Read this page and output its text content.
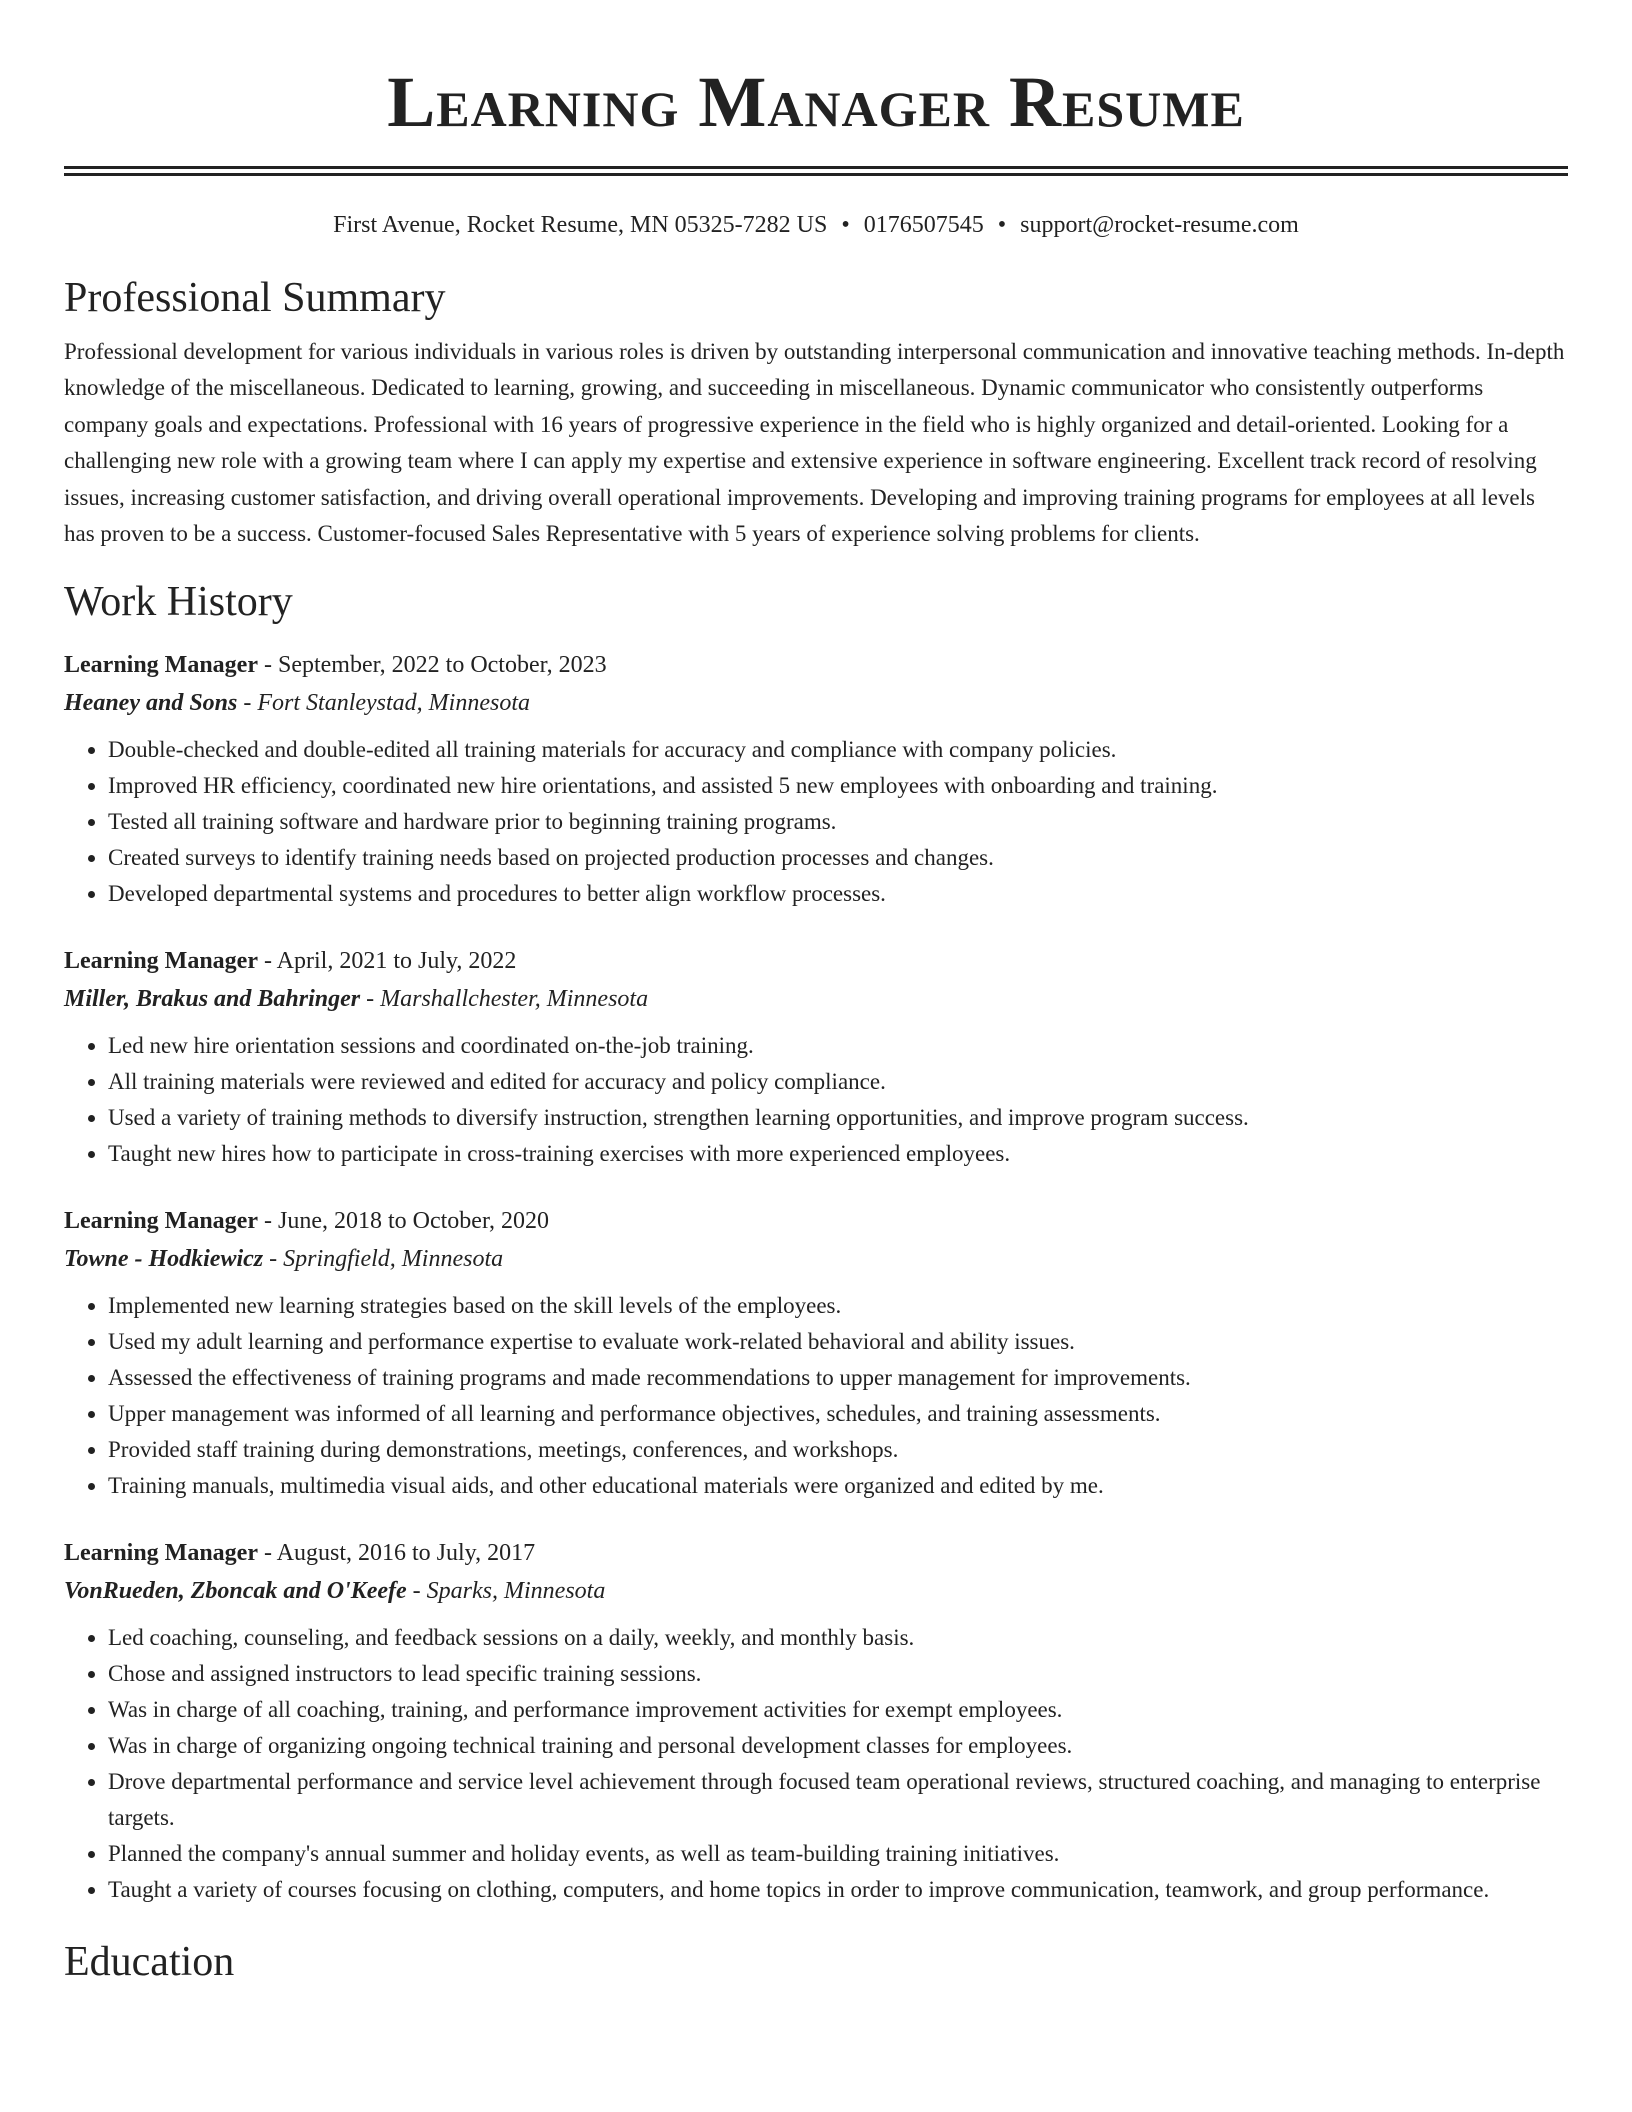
Learning Manager Resume
First Avenue, Rocket Resume, MN 05325-7282 US • 0176507545 • support@rocket-resume.com
Professional Summary

Professional development for various individuals in various roles is driven by outstanding interpersonal communication and innovative teaching methods. In-depth knowledge of the miscellaneous. Dedicated to learning, growing, and succeeding in miscellaneous. Dynamic communicator who consistently outperforms company goals and expectations. Professional with 16 years of progressive experience in the field who is highly organized and detail-oriented. Looking for a challenging new role with a growing team where I can apply my expertise and extensive experience in software engineering. Excellent track record of resolving issues, increasing customer satisfaction, and driving overall operational improvements. Developing and improving training programs for employees at all levels has proven to be a success. Customer-focused Sales Representative with 5 years of experience solving problems for clients.

Work History
Learning Manager - September, 2022 to October, 2023
Heaney and Sons - Fort Stanleystad, Minnesota
• Double-checked and double-edited all training materials for accuracy and compliance with company policies.
• Improved HR efficiency, coordinated new hire orientations, and assisted 5 new employees with onboarding and training.
• Tested all training software and hardware prior to beginning training programs.
• Created surveys to identify training needs based on projected production processes and changes.
• Developed departmental systems and procedures to better align workflow processes.
Learning Manager - April, 2021 to July, 2022
Miller, Brakus and Bahringer - Marshallchester, Minnesota
• Led new hire orientation sessions and coordinated on-the-job training.
• All training materials were reviewed and edited for accuracy and policy compliance.
• Used a variety of training methods to diversify instruction, strengthen learning opportunities, and improve program success.
• Taught new hires how to participate in cross-training exercises with more experienced employees.
Learning Manager - June, 2018 to October, 2020
Towne - Hodkiewicz - Springfield, Minnesota
• Implemented new learning strategies based on the skill levels of the employees.
• Used my adult learning and performance expertise to evaluate work-related behavioral and ability issues.
• Assessed the effectiveness of training programs and made recommendations to upper management for improvements.
• Upper management was informed of all learning and performance objectives, schedules, and training assessments.
• Provided staff training during demonstrations, meetings, conferences, and workshops.
• Training manuals, multimedia visual aids, and other educational materials were organized and edited by me.
Learning Manager - August, 2016 to July, 2017
VonRueden, Zboncak and O'Keefe - Sparks, Minnesota
• Led coaching, counseling, and feedback sessions on a daily, weekly, and monthly basis.
• Chose and assigned instructors to lead specific training sessions.
• Was in charge of all coaching, training, and performance improvement activities for exempt employees.
• Was in charge of organizing ongoing technical training and personal development classes for employees.
• Drove departmental performance and service level achievement through focused team operational reviews, structured coaching, and managing to enterprise targets.
• Planned the company's annual summer and holiday events, as well as team-building training initiatives.
• Taught a variety of courses focusing on clothing, computers, and home topics in order to improve communication, teamwork, and group performance.
Education
